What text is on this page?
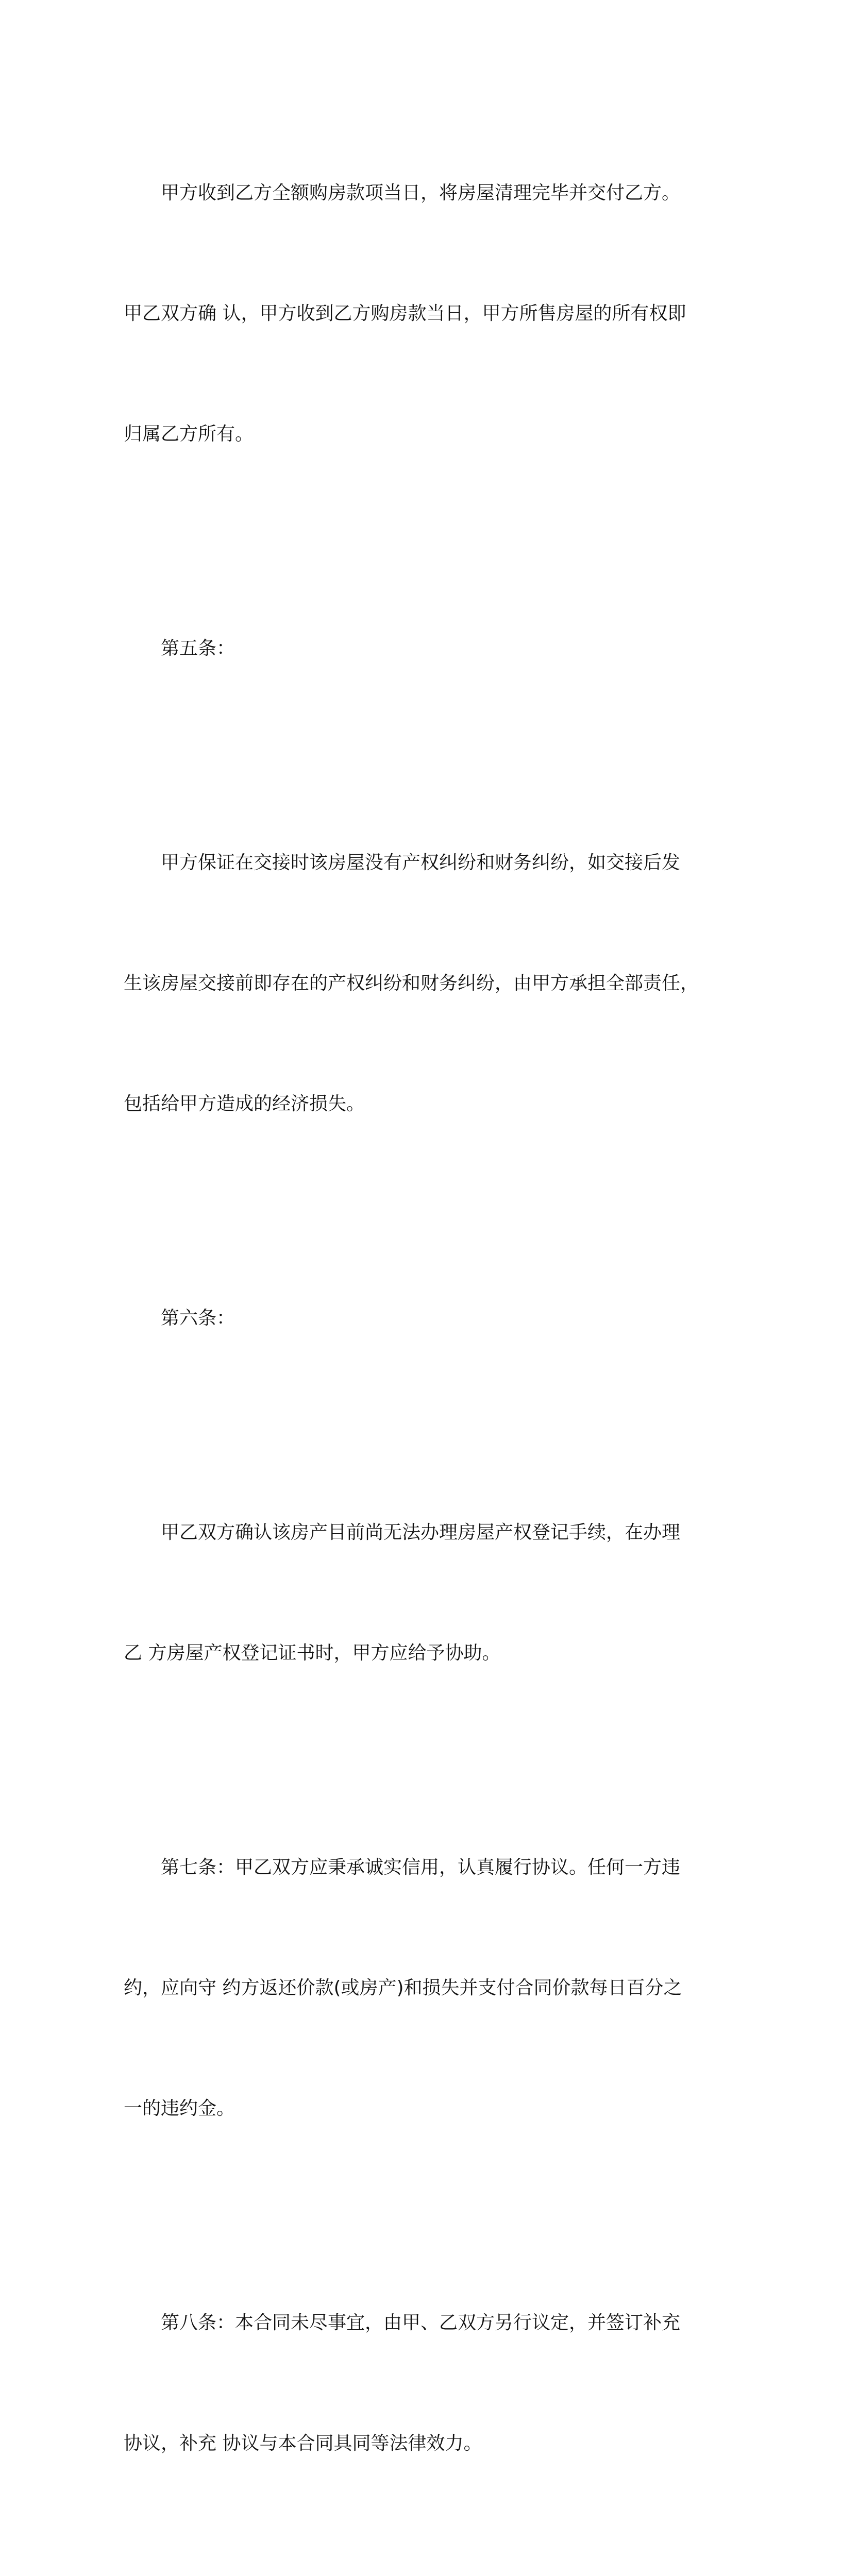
甲方收到乙方全额购房款项当日，将房屋清理完毕并交付乙方。

甲乙双方确 认，甲方收到乙方购房款当日，甲方所售房屋的所有权即

归属乙方所有。

第五条：

甲方保证在交接时该房屋没有产权纠纷和财务纠纷，如交接后发

生该房屋交接前即存在的产权纠纷和财务纠纷，由甲方承担全部责任，

包括给甲方造成的经济损失。

第六条：

甲乙双方确认该房产目前尚无法办理房屋产权登记手续，在办理

乙 方房屋产权登记证书时，甲方应给予协助。

第七条：甲乙双方应秉承诚实信用，认真履行协议。任何一方违

约，应向守 约方返还价款(或房产)和损失并支付合同价款每日百分之

一的违约金。

第八条：本合同未尽事宜，由甲、乙双方另行议定，并签订补充

协议，补充 协议与本合同具同等法律效力。
